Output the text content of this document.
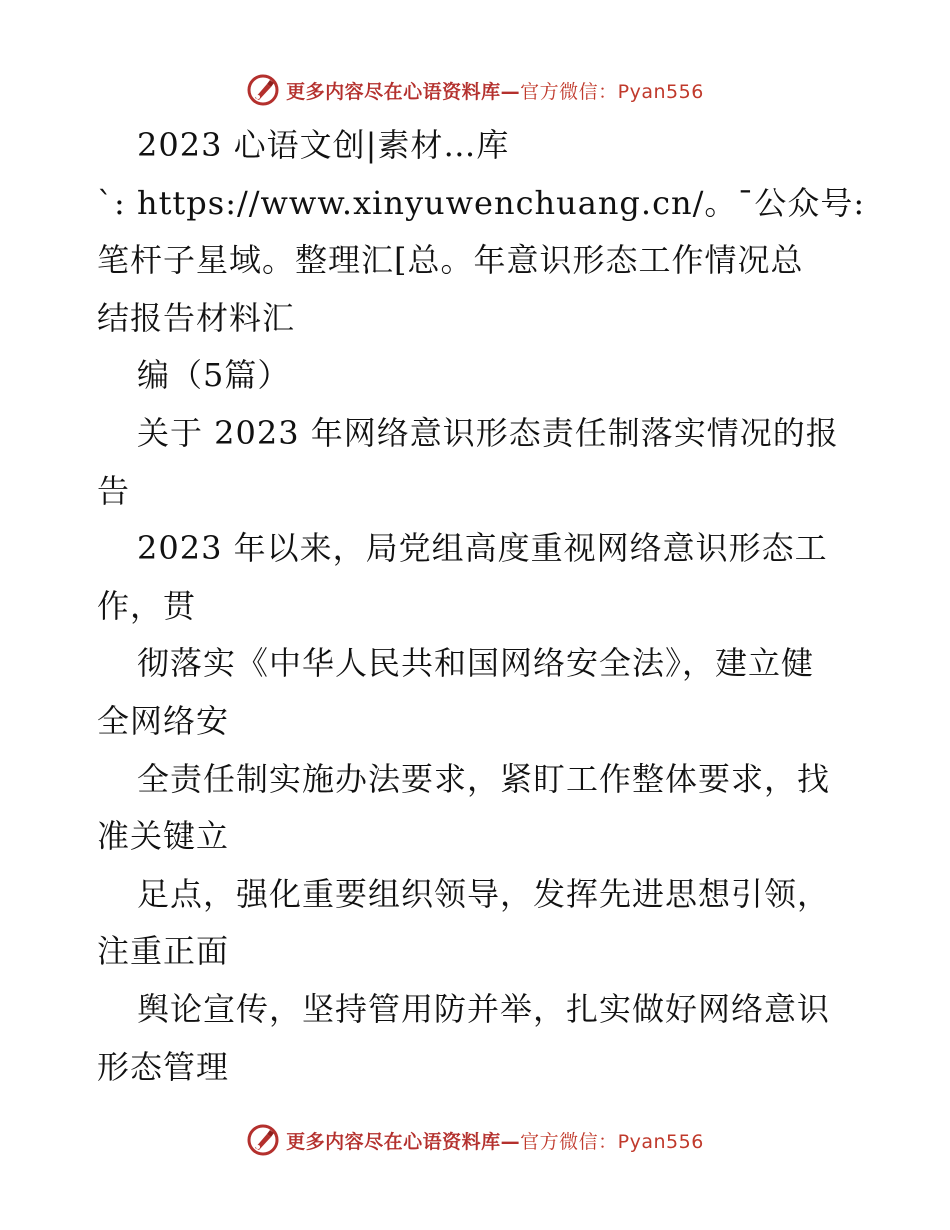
更多内容尽在心语资料库—官方微信：Pyan556
2023 心语文创|素材…库
`: https://www.xinyuwenchuang.cn/。¯公众号:
笔杆子星域。整理汇[总。年意识形态工作情况总
结报告材料汇
编（5篇）
关于 2023 年网络意识形态责任制落实情况的报
告
2023 年以来，局党组高度重视网络意识形态工
作，贯
彻落实《中华人民共和国网络安全法》，建立健
全网络安
全责任制实施办法要求，紧盯工作整体要求，找
准关键立
足点，强化重要组织领导，发挥先进思想引领，
注重正面
舆论宣传，坚持管用防并举，扎实做好网络意识
形态管理
更多内容尽在心语资料库—官方微信：Pyan556
